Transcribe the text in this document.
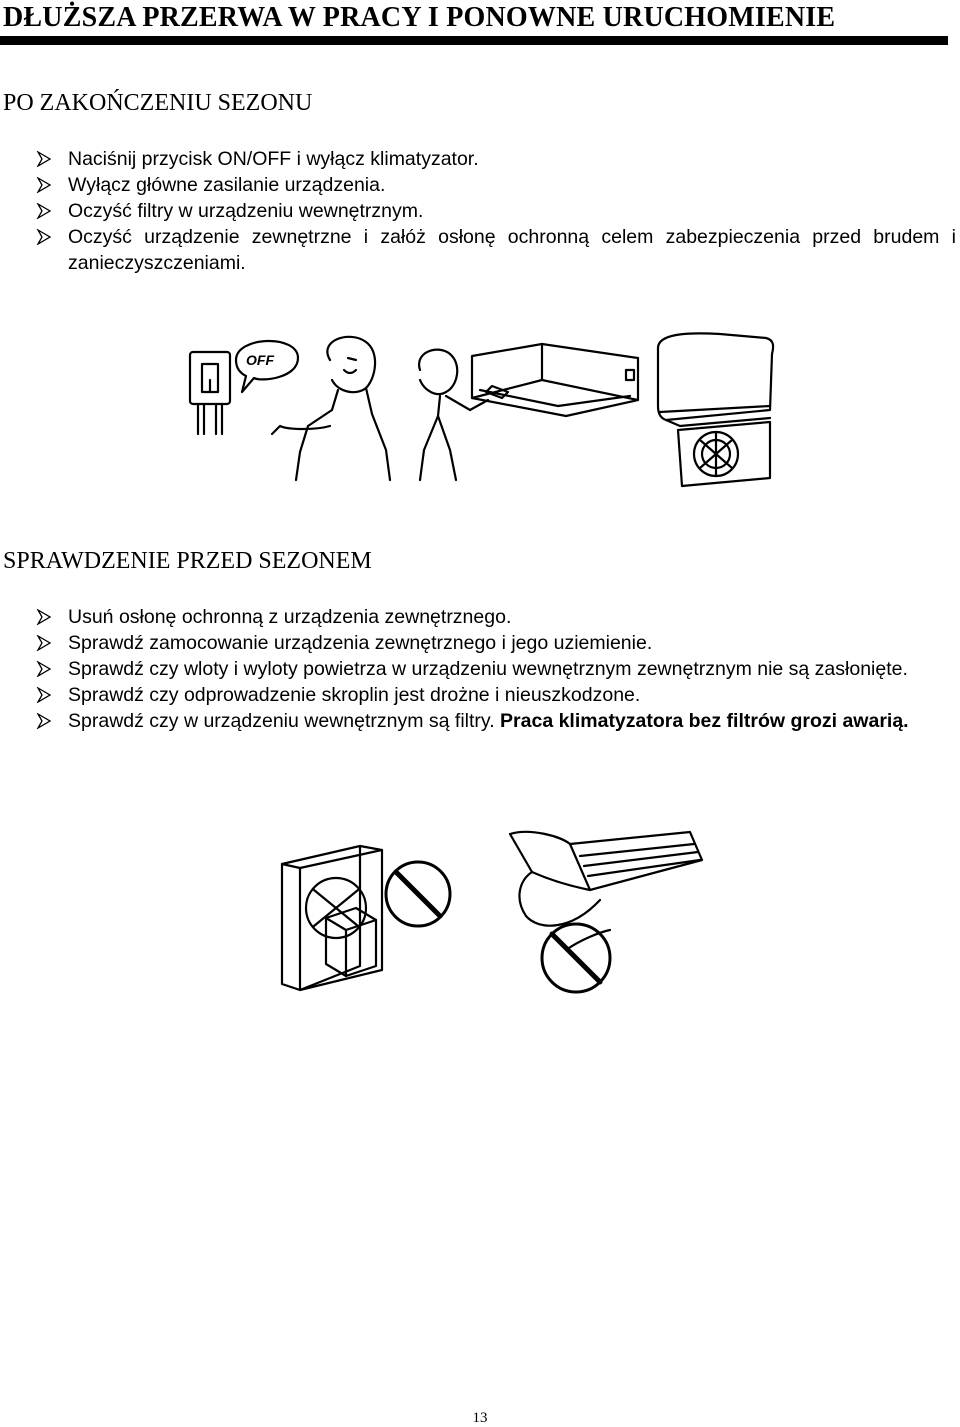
DŁUŻSZA PRZERWA W PRACY I PONOWNE URUCHOMIENIE
PO ZAKOŃCZENIU SEZONU
Naciśnij przycisk ON/OFF i wyłącz klimatyzator.
Wyłącz główne zasilanie urządzenia.
Oczyść filtry w urządzeniu wewnętrznym.
Oczyść urządzenie zewnętrzne i załóż osłonę ochronną celem zabezpieczenia przed brudem i zanieczyszczeniami.
OFF
SPRAWDZENIE PRZED SEZONEM
Usuń osłonę ochronną z urządzenia zewnętrznego.
Sprawdź zamocowanie urządzenia zewnętrznego i jego uziemienie.
Sprawdź czy wloty i wyloty powietrza w urządzeniu wewnętrznym zewnętrznym nie są zasłonięte.
Sprawdź czy odprowadzenie skroplin jest drożne i nieuszkodzone.
Sprawdź czy w urządzeniu wewnętrznym są filtry. Praca klimatyzatora bez filtrów grozi awarią.
13
